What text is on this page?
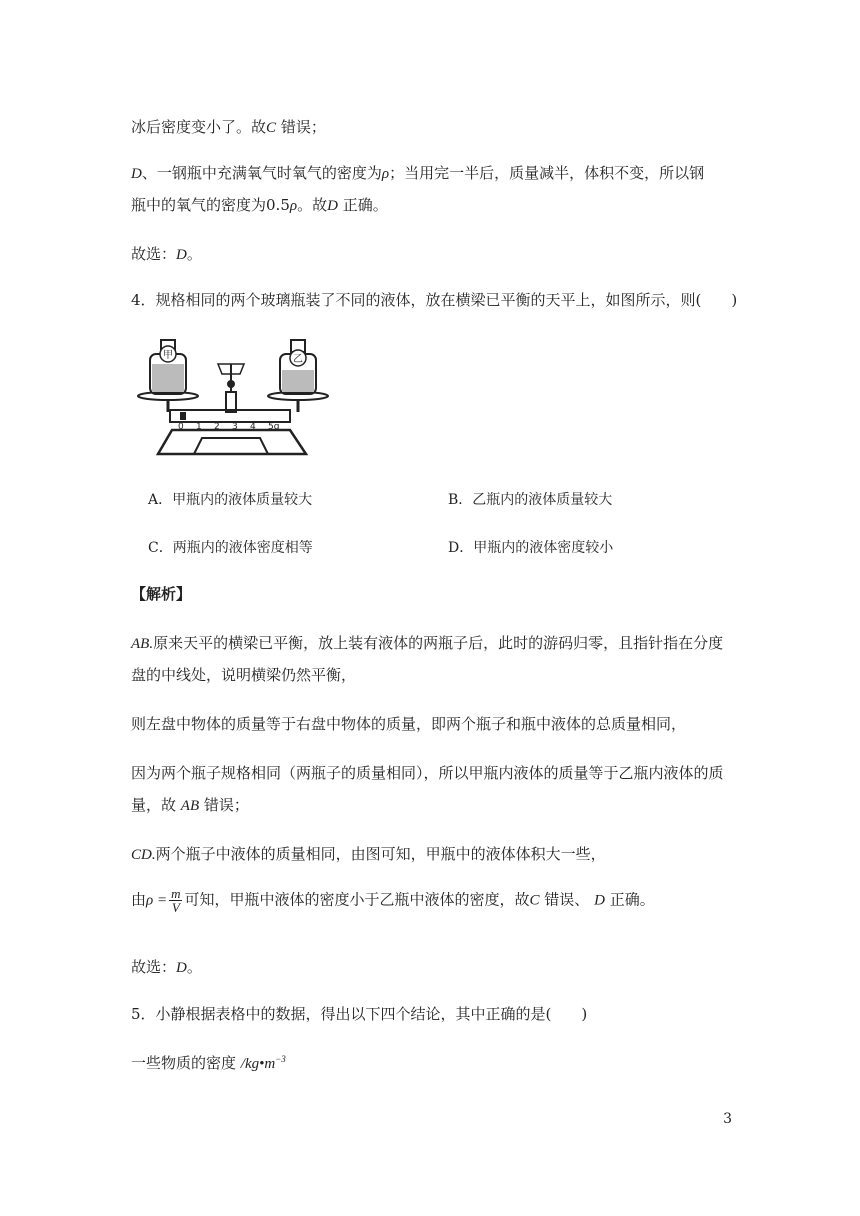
冰后密度变小了。故C 错误；
D、一钢瓶中充满氧气时氧气的密度为ρ；当用完一半后，质量减半，体积不变，所以钢
瓶中的氧气的密度为0.5ρ。故D 正确。
故选：D。
4．规格相同的两个玻璃瓶装了不同的液体，放在横梁已平衡的天平上，如图所示，则(　　)
0 1 2 3 4 5g
甲	乙
A．甲瓶内的液体质量较大	B．乙瓶内的液体质量较大
C．两瓶内的液体密度相等	D．甲瓶内的液体密度较小
【解析】
AB.原来天平的横梁已平衡，放上装有液体的两瓶子后，此时的游码归零，且指针指在分度
盘的中线处，说明横梁仍然平衡，
则左盘中物体的质量等于右盘中物体的质量，即两个瓶子和瓶中液体的总质量相同，
因为两个瓶子规格相同（两瓶子的质量相同），所以甲瓶内液体的质量等于乙瓶内液体的质
量，故 AB 错误；
CD.两个瓶子中液体的质量相同，由图可知，甲瓶中的液体体积大一些，
由$\rho = \frac{m}{V}$ 可知，甲瓶中液体的密度小于乙瓶中液体的密度，故C 错误、 D 正确。
故选：D。
5．小静根据表格中的数据，得出以下四个结论，其中正确的是(　　)
一些物质的密度 $/kg•m^{-3}$
3
